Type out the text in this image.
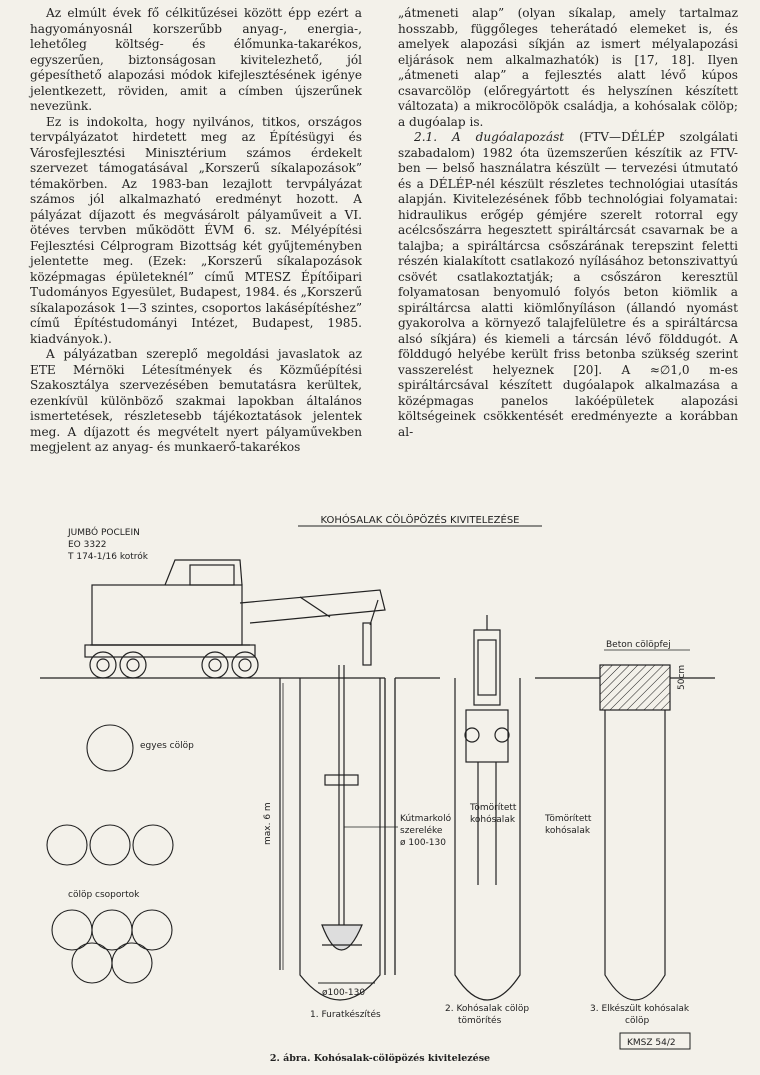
Az elmúlt évek fő célkitűzései között épp ezért a hagyományosnál korszerűbb anyag-, energia-, lehetőleg költség- és élőmunka-takarékos, egyszerűen, biztonságosan kivitelezhető, jól gépesíthető alapozási módok kifejlesztésének igénye jelentkezett, röviden, amit a címben újszerűnek nevezünk.

Ez is indokolta, hogy nyilvános, titkos, országos tervpályázatot hirdetett meg az Építésügyi és Városfejlesztési Minisztérium számos érdekelt szervezet támogatásával „Korszerű síkalapozások” témakörben. Az 1983-ban lezajlott tervpályázat számos jól alkalmazható eredményt hozott. A pályázat díjazott és megvásárolt pályaműveit a VI. ötéves tervben működött ÉVM 6. sz. Mélyépítési Fejlesztési Célprogram Bizottság két gyűjteményben jelentette meg. (Ezek: „Korszerű síkalapozások középmagas épületeknél” című MTESZ Építőipari Tudományos Egyesület, Budapest, 1984. és „Korszerű síkalapozások 1—3 szintes, csoportos lakásépítéshez” című Építéstudományi Intézet, Budapest, 1985. kiadványok.).

A pályázatban szereplő megoldási javaslatok az ETE Mérnöki Létesítmények és Közműépítési Szakosztálya szervezésében bemutatásra kerültek, ezenkívül különböző szakmai lapokban általános ismertetések, részletesebb tájékoztatások jelentek meg. A díjazott és megvételt nyert pályaművekben megjelent az anyag- és munkaerő-takarékos

„átmeneti alap” (olyan síkalap, amely tartalmaz hosszabb, függőleges teherátadó elemeket is, és amelyek alapozási síkján az ismert mélyalapozási eljárások nem alkalmazhatók) is [17, 18]. Ilyen „átmeneti alap” a fejlesztés alatt lévő kúpos csavarcölöp (előregyártott és helyszínen készített változata) a mikrocölöpök családja, a kohósalak cölöp; a dugóalap is.

2.1. A dugóalapozást (FTV—DÉLÉP szolgálati szabadalom) 1982 óta üzemszerűen készítik az FTV-ben — belső használatra készült — tervezési útmutató és a DÉLÉP-nél készült részletes technológiai utasítás alapján. Kivitelezésének főbb technológiai folyamatai: hidraulikus erőgép gémjére szerelt rotorral egy acélcsőszárra hegesztett spiráltárcsát csavarnak be a talajba; a spiráltárcsa csőszárának terepszint feletti részén kialakított csatlakozó nyílásához betonszivattyú csövét csatlakoztatják; a csőszáron keresztül folyamatosan benyomuló folyós beton kiömlik a spiráltárcsa alatti kiömlőnyíláson (állandó nyomást gyakorolva a környező talajfelületre és a spiráltárcsa alsó síkjára) és kiemeli a tárcsán lévő földdugót. A földdugó helyébe került friss betonba szükség szerint vasszerelést helyeznek [20]. A ≈∅1,0 m-es spiráltárcsával készített dugóalapok alkalmazása a középmagas panelos lakóépületek alapozási költségeinek csökkentését eredményezte a korábban al-

KOHÓSALAK CÖLÖPÖZÉS KIVITELEZÉSE
JUMBÓ POCLEIN
EO 3322
T 174-1/16 kotrók
max. 6 m
ø100-130
Kútmarkoló
szereléke
ø 100-130
egyes cölöp
cölöp csoportok
Tömörített
kohósalak
Beton cölöpfej
50cm
Tömörített
kohósalak
1. Furatkészítés
2. Kohósalak cölöp
tömörítés
3. Elkészült kohósalak
cölöp
KMSZ 54/2
2. ábra. Kohósalak-cölöpözés kivitelezése
